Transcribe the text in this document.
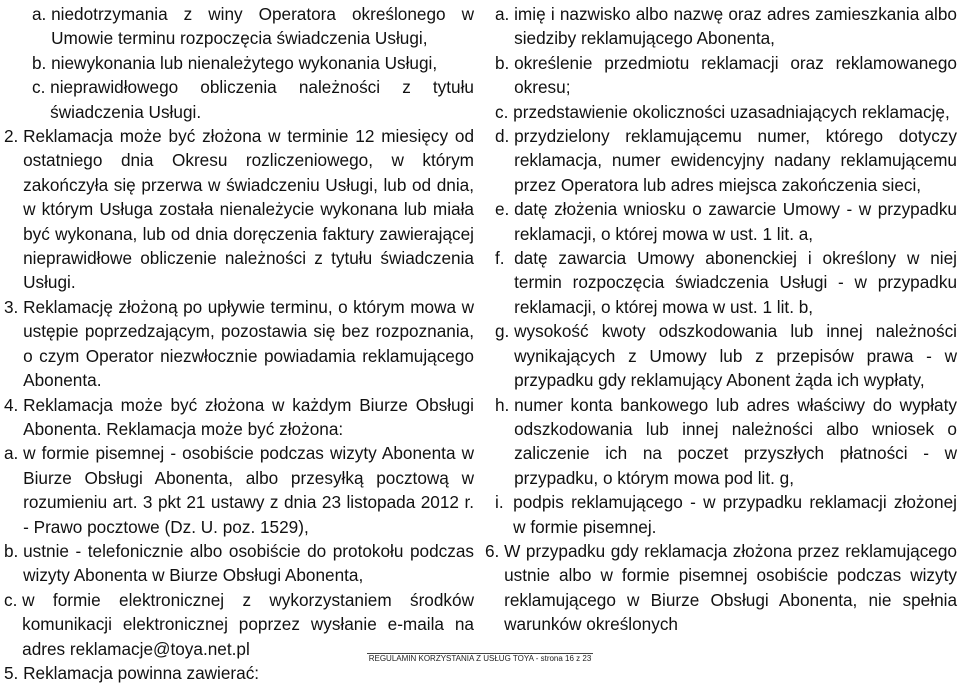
a. niedotrzymania z winy Operatora określonego w Umowie terminu rozpoczęcia świadczenia Usługi,
b. niewykonania lub nienależytego wykonania Usługi,
c. nieprawidłowego obliczenia należności z tytułu świadczenia Usługi.
2. Reklamacja może być złożona w terminie 12 miesięcy od ostatniego dnia Okresu rozliczeniowego, w którym zakończyła się przerwa w świadczeniu Usługi, lub od dnia, w którym Usługa została nienależycie wykonana lub miała być wykonana, lub od dnia doręczenia faktury zawierającej nieprawidłowe obliczenie należności z tytułu świadczenia Usługi.
3. Reklamację złożoną po upływie terminu, o którym mowa w ustępie poprzedzającym, pozostawia się bez rozpoznania, o czym Operator niezwłocznie powiadamia reklamującego Abonenta.
4. Reklamacja może być złożona w każdym Biurze Obsługi Abonenta. Reklamacja może być złożona:
a. w formie pisemnej - osobiście podczas wizyty Abonenta w Biurze Obsługi Abonenta, albo przesyłką pocztową w rozumieniu art. 3 pkt 21 ustawy z dnia 23 listopada 2012 r. - Prawo pocztowe (Dz. U. poz. 1529),
b. ustnie - telefonicznie albo osobiście do protokołu podczas wizyty Abonenta w Biurze Obsługi Abonenta,
c. w formie elektronicznej z wykorzystaniem środków komunikacji elektronicznej poprzez wysłanie e-maila na adres reklamacje@toya.net.pl
5. Reklamacja powinna zawierać:
a. imię i nazwisko albo nazwę oraz adres zamieszkania albo siedziby reklamującego Abonenta,
b. określenie przedmiotu reklamacji oraz reklamowanego okresu;
c. przedstawienie okoliczności uzasadniających reklamację,
d. przydzielony reklamującemu numer, którego dotyczy reklamacja, numer ewidencyjny nadany reklamującemu przez Operatora lub adres miejsca zakończenia sieci,
e. datę złożenia wniosku o zawarcie Umowy - w przypadku reklamacji, o której mowa w ust. 1 lit. a,
f. datę zawarcia Umowy abonenckiej i określony w niej termin rozpoczęcia świadczenia Usługi - w przypadku reklamacji, o której mowa w ust. 1 lit. b,
g. wysokość kwoty odszkodowania lub innej należności wynikających z Umowy lub z przepisów prawa - w przypadku gdy reklamujący Abonent żąda ich wypłaty,
h. numer konta bankowego lub adres właściwy do wypłaty odszkodowania lub innej należności albo wniosek o zaliczenie ich na poczet przyszłych płatności - w przypadku, o którym mowa pod lit. g,
i. podpis reklamującego - w przypadku reklamacji złożonej w formie pisemnej.
6. W przypadku gdy reklamacja złożona przez reklamującego ustnie albo w formie pisemnej osobiście podczas wizyty reklamującego w Biurze Obsługi Abonenta, nie spełnia warunków określonych
REGULAMIN KORZYSTANIA Z USŁUG TOYA - strona 16 z 23
